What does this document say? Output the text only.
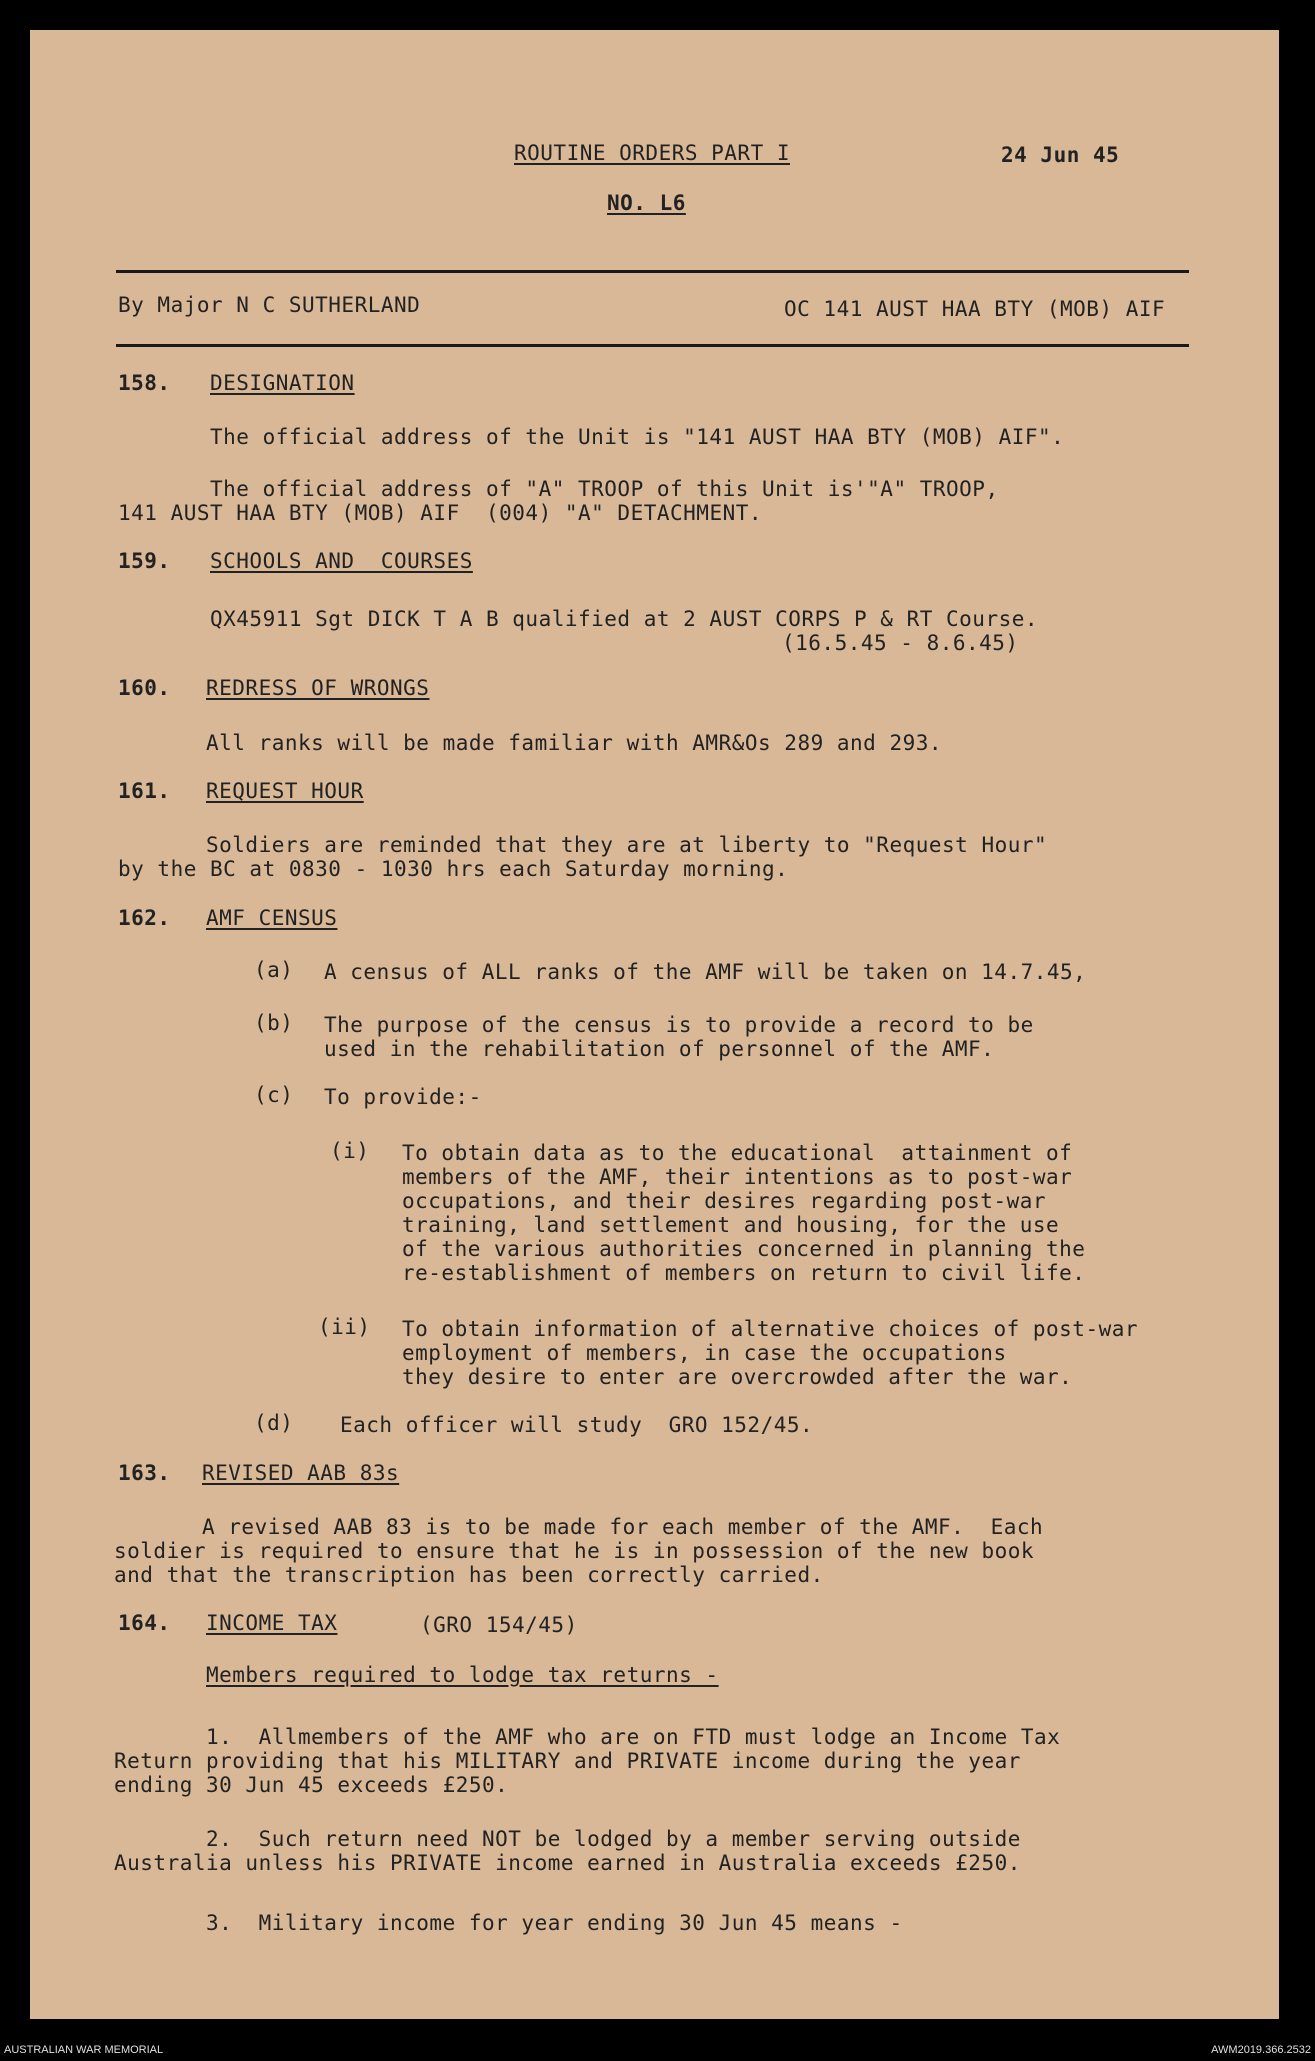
ROUTINE ORDERS PART I	24 Jun 45
NO. L6
By Major N C SUTHERLAND	OC 141 AUST HAA BTY (MOB) AIF
158. DESIGNATION
The official address of the Unit is "141 AUST HAA BTY (MOB) AIF".
The official address of "A" TROOP of this Unit is'"A" TROOP,
141 AUST HAA BTY (MOB) AIF  (004) "A" DETACHMENT.
159. SCHOOLS AND  COURSES
QX45911 Sgt DICK T A B qualified at 2 AUST CORPS P & RT Course.
(16.5.45 - 8.6.45)
160. REDRESS OF WRONGS
All ranks will be made familiar with AMR&Os 289 and 293.
161. REQUEST HOUR
Soldiers are reminded that they are at liberty to "Request Hour"
by the BC at 0830 - 1030 hrs each Saturday morning.
162. AMF CENSUS
(a) A census of ALL ranks of the AMF will be taken on 14.7.45,
(b) The purpose of the census is to provide a record to be
used in the rehabilitation of personnel of the AMF.
(c) To provide:-
(i) To obtain data as to the educational  attainment of
members of the AMF, their intentions as to post-war
occupations, and their desires regarding post-war
training, land settlement and housing, for the use
of the various authorities concerned in planning the
re-establishment of members on return to civil life.
(ii) To obtain information of alternative choices of post-war
employment of members, in case the occupations
they desire to enter are overcrowded after the war.
(d) Each officer will study  GRO 152/45.
163. REVISED AAB 83s
A revised AAB 83 is to be made for each member of the AMF.  Each
soldier is required to ensure that he is in possession of the new book
and that the transcription has been correctly carried.
164. INCOME TAX	(GRO 154/45)
Members required to lodge tax returns -
1.  Allmembers of the AMF who are on FTD must lodge an Income Tax
Return providing that his MILITARY and PRIVATE income during the year
ending 30 Jun 45 exceeds £250.
2.  Such return need NOT be lodged by a member serving outside
Australia unless his PRIVATE income earned in Australia exceeds £250.
3.  Military income for year ending 30 Jun 45 means -
AUSTRALIAN WAR MEMORIAL	AWM2019.366.2532
